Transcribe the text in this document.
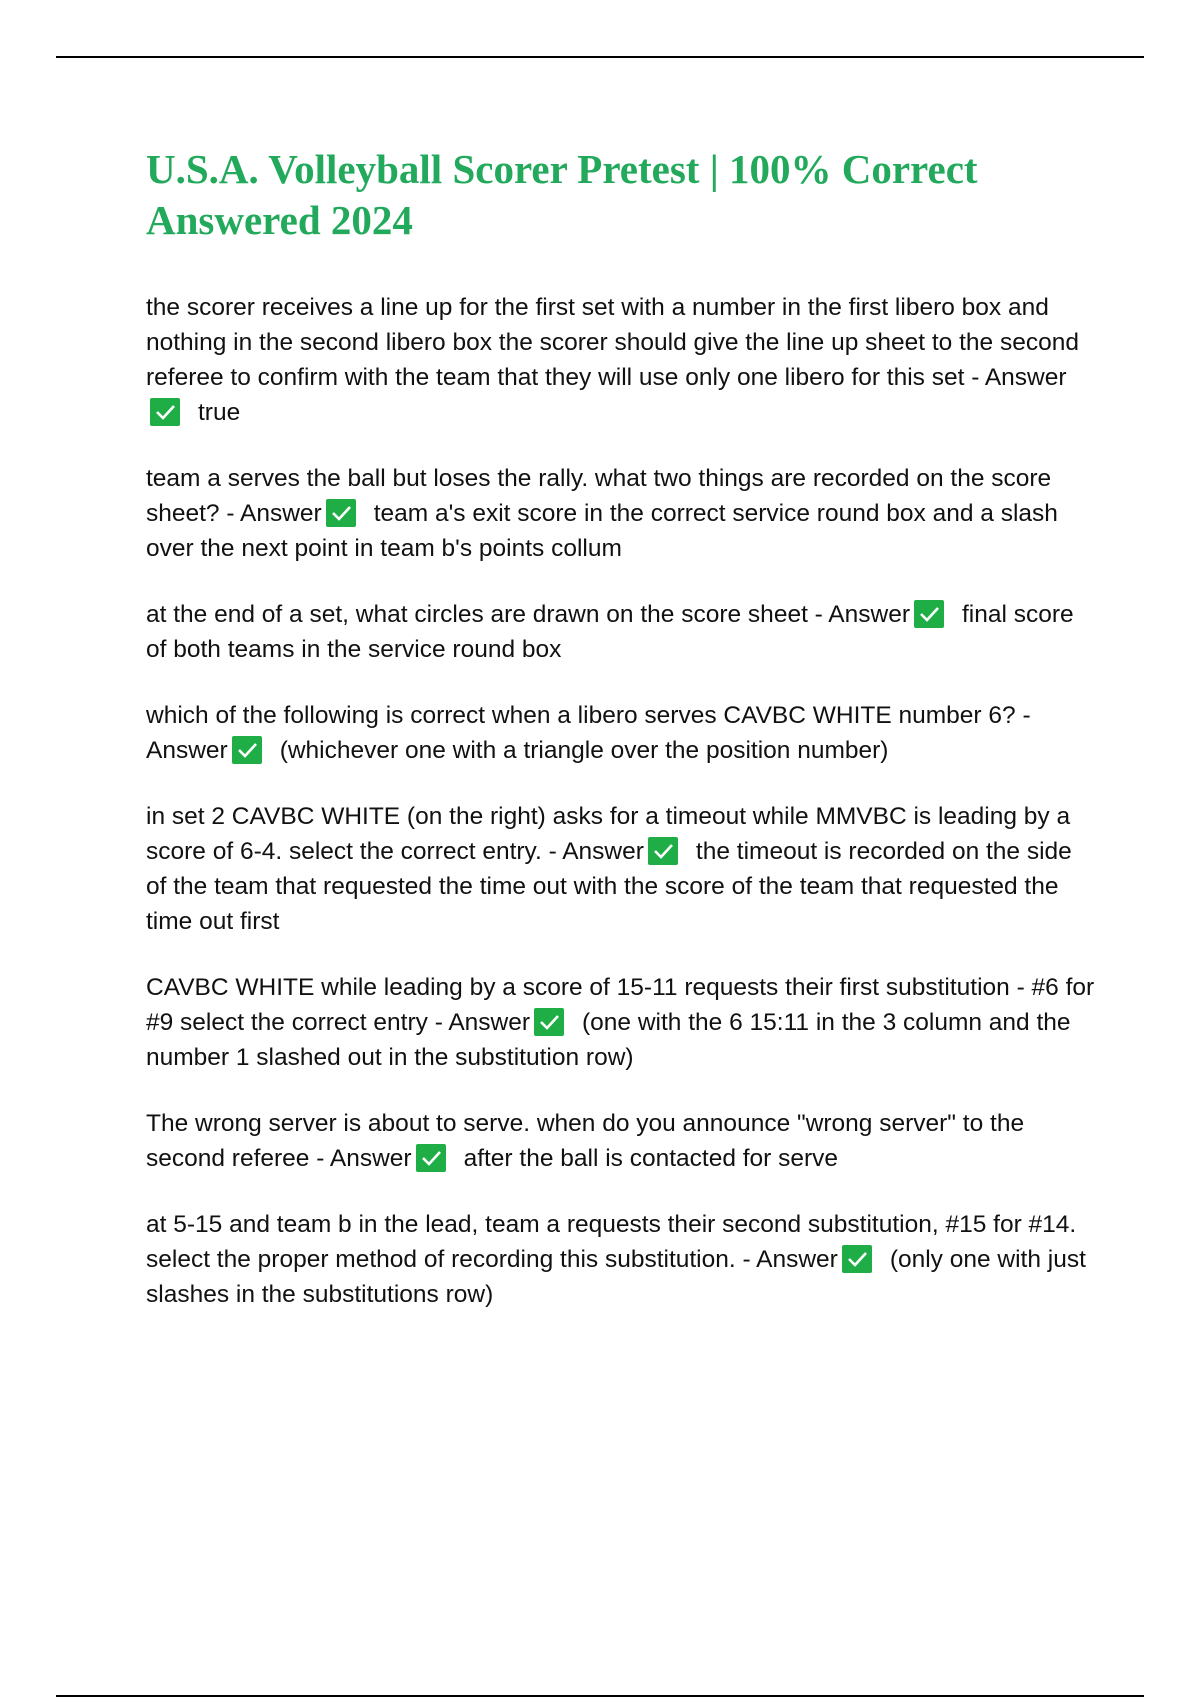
U.S.A. Volleyball Scorer Pretest | 100% Correct Answered 2024

the scorer receives a line up for the first set with a number in the first libero box and nothing in the second libero box the scorer should give the line up sheet to the second referee to confirm with the team that they will use only one libero for this set - Answer
true

team a serves the ball but loses the rally. what two things are recorded on the score sheet? - Answer team a's exit score in the correct service round box and a slash over the next point in team b's points collum

at the end of a set, what circles are drawn on the score sheet - Answer final score of both teams in the service round box

which of the following is correct when a libero serves CAVBC WHITE number 6? - Answer (whichever one with a triangle over the position number)

in set 2 CAVBC WHITE (on the right) asks for a timeout while MMVBC is leading by a score of 6-4. select the correct entry. - Answer the timeout is recorded on the side of the team that requested the time out with the score of the team that requested the time out first

CAVBC WHITE while leading by a score of 15-11 requests their first substitution - #6 for #9 select the correct entry - Answer (one with the 6 15:11 in the 3 column and the number 1 slashed out in the substitution row)

The wrong server is about to serve. when do you announce "wrong server" to the second referee - Answer after the ball is contacted for serve

at 5-15 and team b in the lead, team a requests their second substitution, #15 for #14. select the proper method of recording this substitution. - Answer (only one with just slashes in the substitutions row)
